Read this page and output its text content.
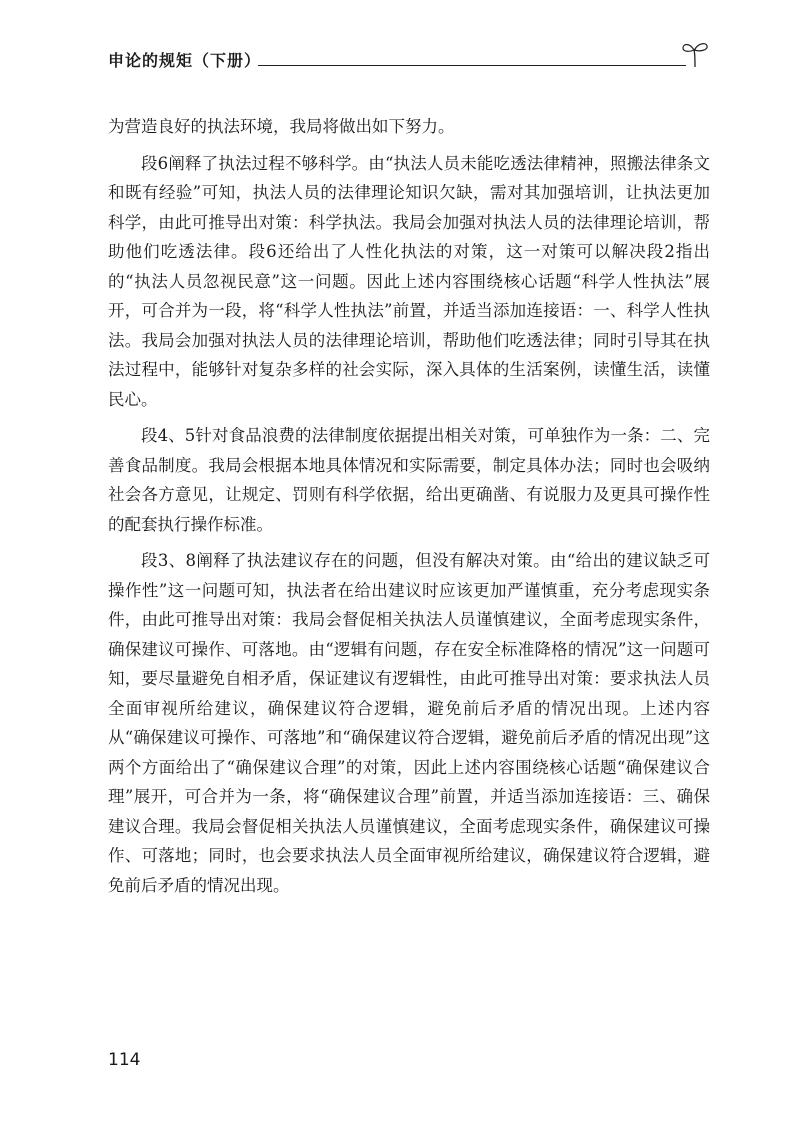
申论的规矩（下册）

为营造良好的执法环境，我局将做出如下努力。

段6阐释了执法过程不够科学。由“执法人员未能吃透法律精神，照搬法律条文和既有经验”可知，执法人员的法律理论知识欠缺，需对其加强培训，让执法更加科学，由此可推导出对策：科学执法。我局会加强对执法人员的法律理论培训，帮助他们吃透法律。段6还给出了人性化执法的对策，这一对策可以解决段2指出的“执法人员忽视民意”这一问题。因此上述内容围绕核心话题“科学人性执法”展开，可合并为一段，将“科学人性执法”前置，并适当添加连接语：一、科学人性执法。我局会加强对执法人员的法律理论培训，帮助他们吃透法律；同时引导其在执法过程中，能够针对复杂多样的社会实际，深入具体的生活案例，读懂生活，读懂民心。

段4、5针对食品浪费的法律制度依据提出相关对策，可单独作为一条：二、完善食品制度。我局会根据本地具体情况和实际需要，制定具体办法；同时也会吸纳社会各方意见，让规定、罚则有科学依据，给出更确凿、有说服力及更具可操作性的配套执行操作标准。

段3、8阐释了执法建议存在的问题，但没有解决对策。由“给出的建议缺乏可操作性”这一问题可知，执法者在给出建议时应该更加严谨慎重，充分考虑现实条件，由此可推导出对策：我局会督促相关执法人员谨慎建议，全面考虑现实条件，确保建议可操作、可落地。由“逻辑有问题，存在安全标准降格的情况”这一问题可知，要尽量避免自相矛盾，保证建议有逻辑性，由此可推导出对策：要求执法人员全面审视所给建议，确保建议符合逻辑，避免前后矛盾的情况出现。上述内容从“确保建议可操作、可落地”和“确保建议符合逻辑，避免前后矛盾的情况出现”这两个方面给出了“确保建议合理”的对策，因此上述内容围绕核心话题“确保建议合理”展开，可合并为一条，将“确保建议合理”前置，并适当添加连接语：三、确保建议合理。我局会督促相关执法人员谨慎建议，全面考虑现实条件，确保建议可操作、可落地；同时，也会要求执法人员全面审视所给建议，确保建议符合逻辑，避免前后矛盾的情况出现。

114
